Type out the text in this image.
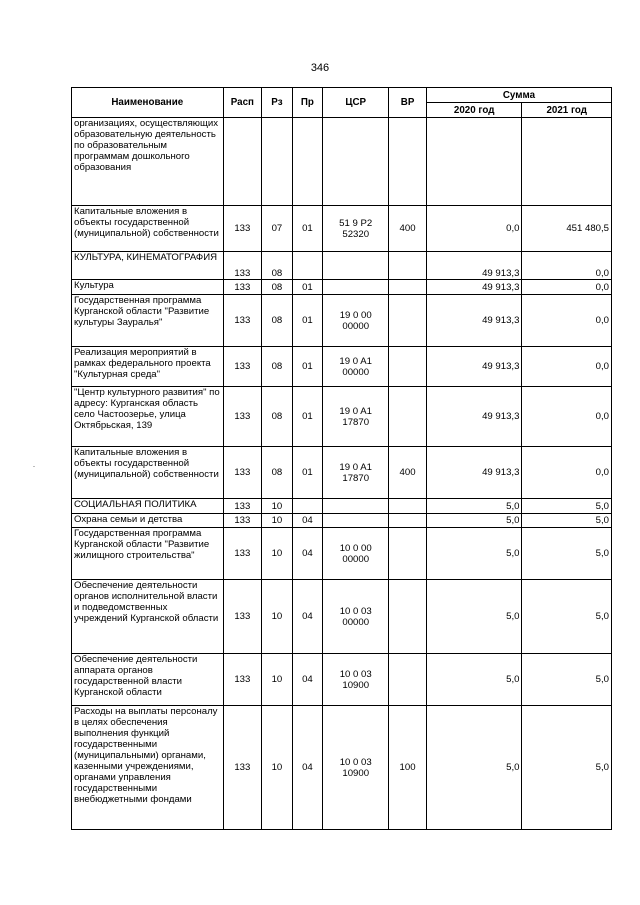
346
Наименование	Расп	Рз	Пр	ЦСР	ВР	Сумма	
						2020 год	2021 год
организациях, осуществляющих образовательную деятельность по образовательным программам дошкольного образования							
Капитальные вложения в объекты государственной (муниципальной) собственности	133	07	01	51 9 P2 52320	400	0,0	451 480,5
КУЛЬТУРА, КИНЕМАТОГРАФИЯ	133	08				49 913,3	0,0
Культура	133	08	01			49 913,3	0,0
Государственная программа Курганской области "Развитие культуры Зауралья"	133	08	01	19 0 00 00000		49 913,3	0,0
Реализация мероприятий в рамках федерального проекта "Культурная среда"	133	08	01	19 0 A1 00000		49 913,3	0,0
"Центр культурного развития" по адресу: Курганская область село Частоозерье, улица Октябрьская, 139	133	08	01	19 0 A1 17870		49 913,3	0,0
Капитальные вложения в объекты государственной (муниципальной) собственности	133	08	01	19 0 A1 17870	400	49 913,3	0,0
СОЦИАЛЬНАЯ ПОЛИТИКА	133	10				5,0	5,0
Охрана семьи и детства	133	10	04			5,0	5,0
Государственная программа Курганской области "Развитие жилищного строительства"	133	10	04	10 0 00 00000		5,0	5,0
Обеспечение деятельности органов исполнительной власти и подведомственных учреждений Курганской области	133	10	04	10 0 03 00000		5,0	5,0
Обеспечение деятельности аппарата органов государственной власти Курганской области	133	10	04	10 0 03 10900		5,0	5,0
Расходы на выплаты персоналу в целях обеспечения выполнения функций государственными (муниципальными) органами, казенными учреждениями, органами управления государственными внебюджетными фондами	133	10	04	10 0 03 10900	100	5,0	5,0
